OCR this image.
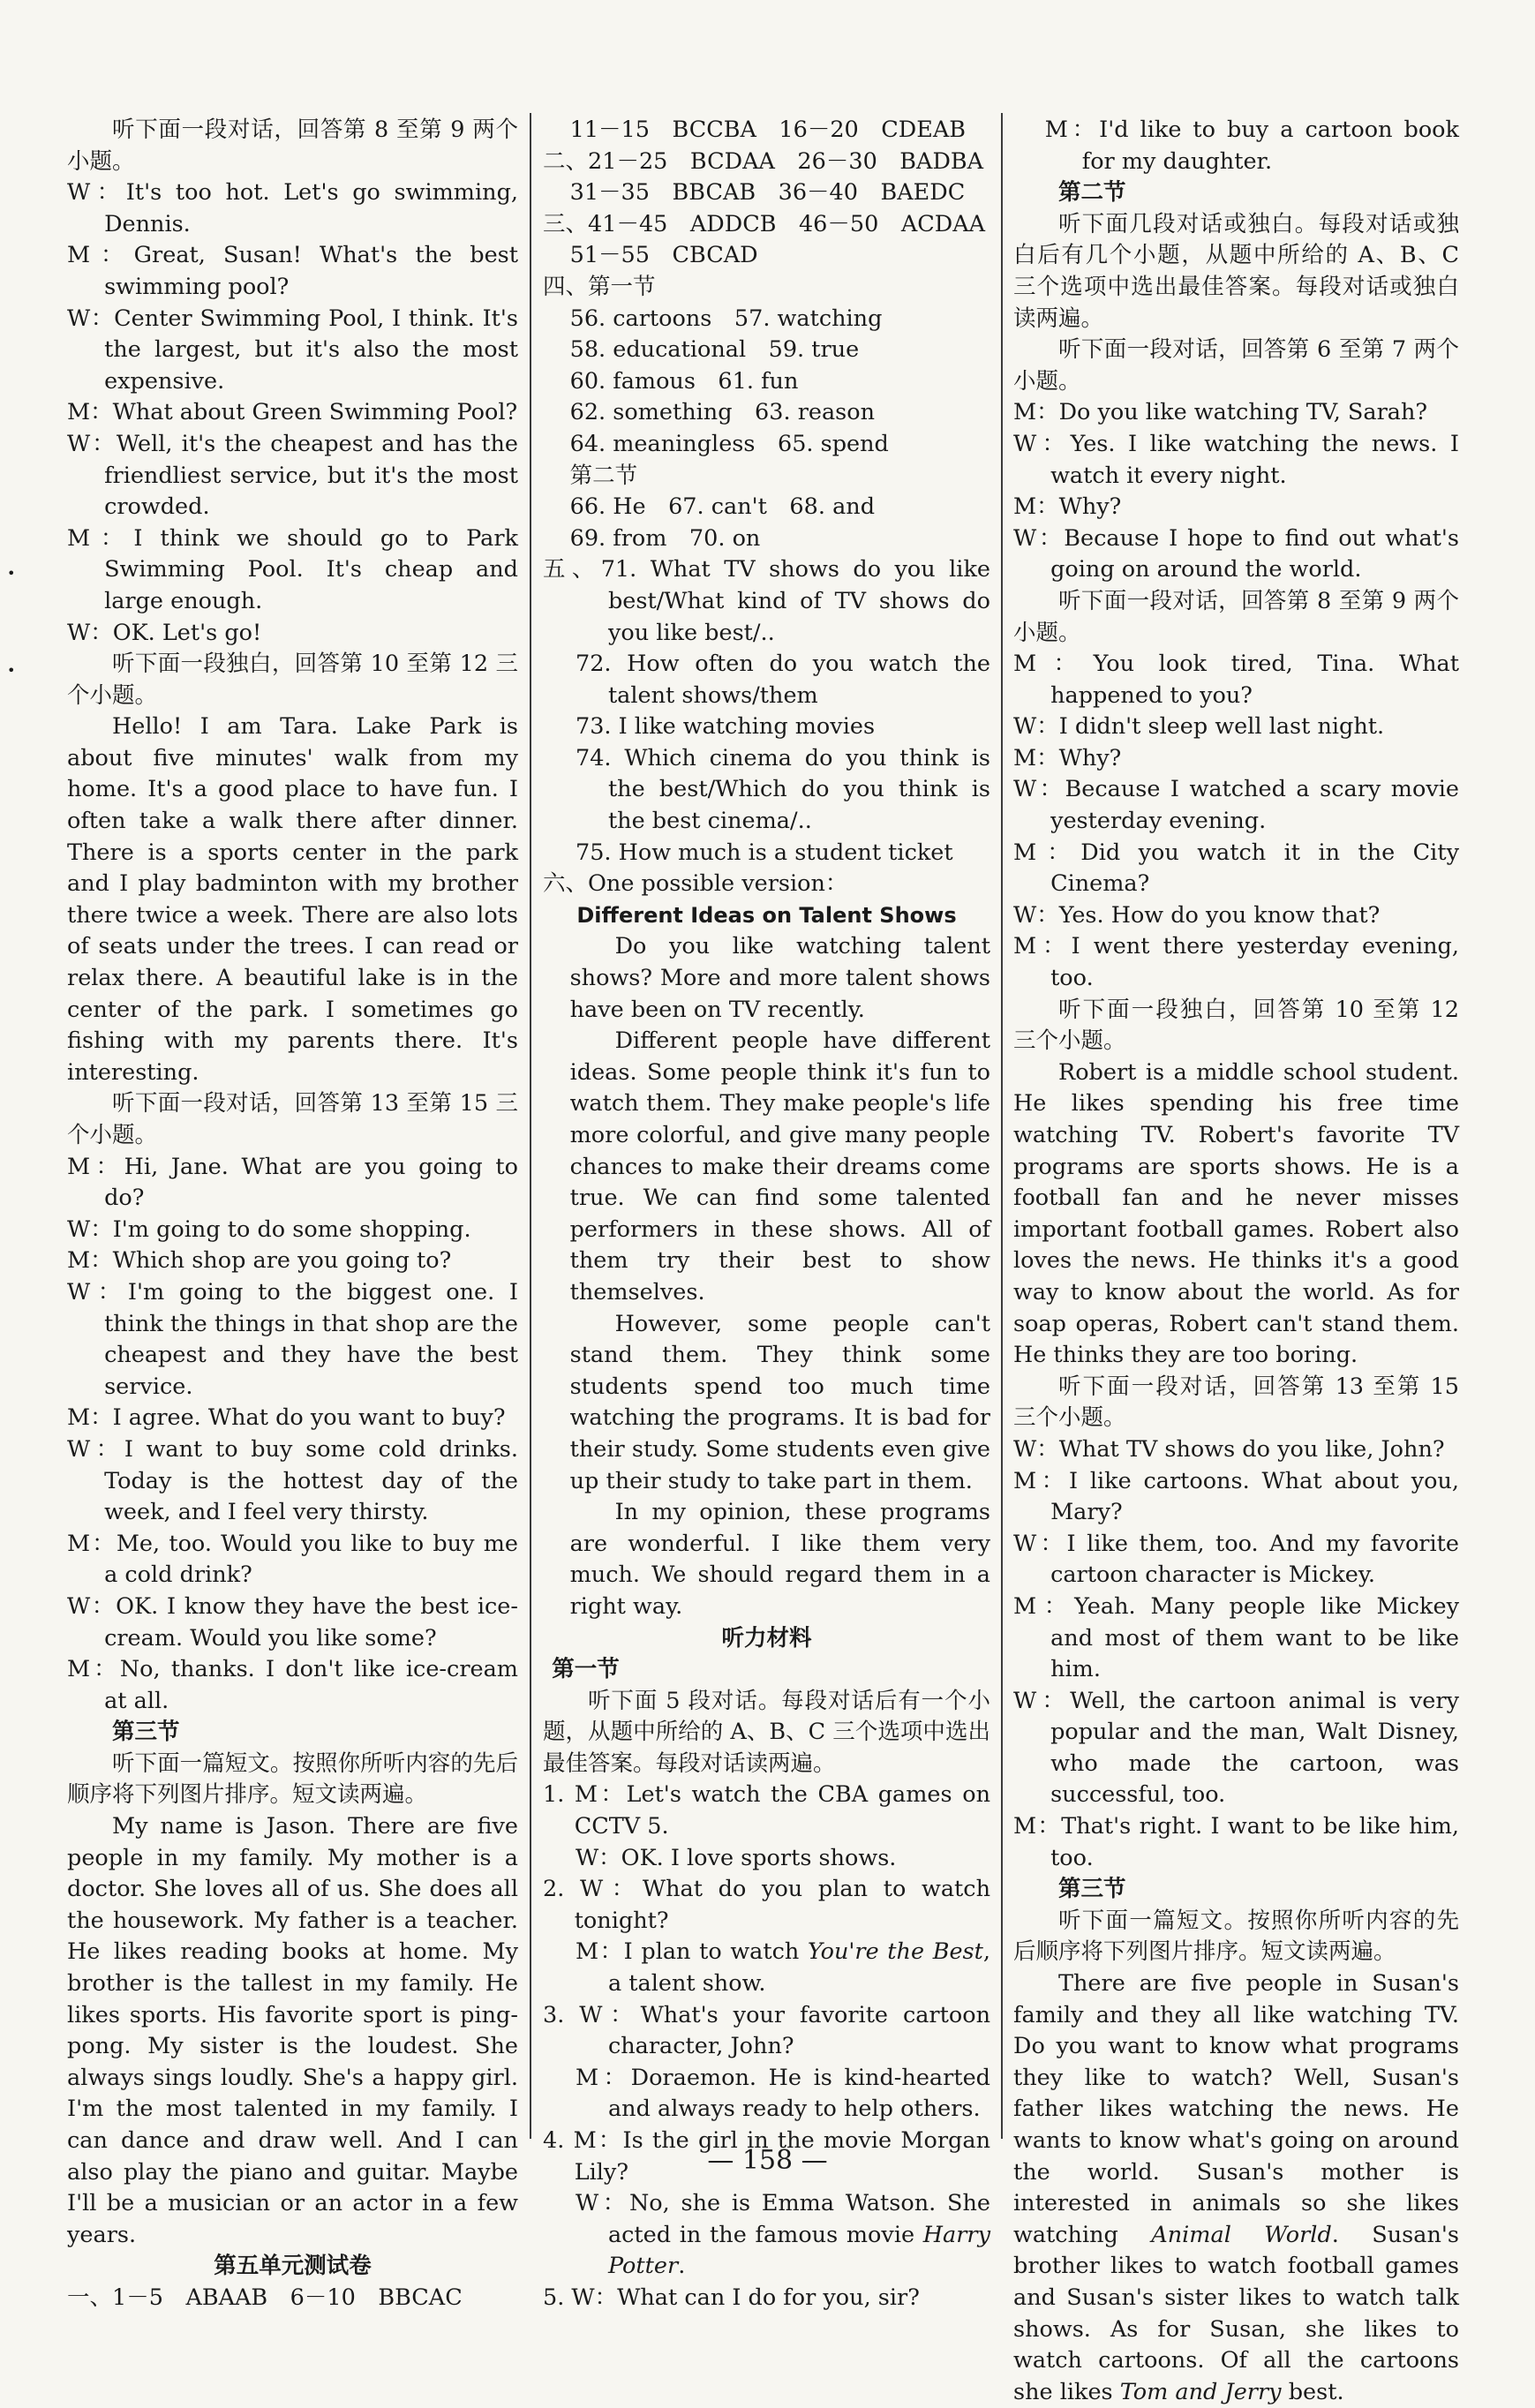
•
•

听下面一段对话，回答第 8 至第 9 两个小题。

W：It's too hot. Let's go swimming, Dennis.

M：Great, Susan! What's the best swimming pool?

W：Center Swimming Pool, I think. It's the largest, but it's also the most expensive.

M：What about Green Swimming Pool?

W：Well, it's the cheapest and has the friendliest service, but it's the most crowded.

M：I think we should go to Park Swimming Pool. It's cheap and large enough.

W：OK. Let's go!

听下面一段独白，回答第 10 至第 12 三个小题。

Hello! I am Tara. Lake Park is about five minutes' walk from my home. It's a good place to have fun. I often take a walk there after dinner. There is a sports center in the park and I play badminton with my brother there twice a week. There are also lots of seats under the trees. I can read or relax there. A beautiful lake is in the center of the park. I sometimes go fishing with my parents there. It's interesting.

听下面一段对话，回答第 13 至第 15 三个小题。

M：Hi, Jane. What are you going to do?

W：I'm going to do some shopping.

M：Which shop are you going to?

W：I'm going to the biggest one. I think the things in that shop are the cheapest and they have the best service.

M：I agree. What do you want to buy?

W：I want to buy some cold drinks. Today is the hottest day of the week, and I feel very thirsty.

M：Me, too. Would you like to buy me a cold drink?

W：OK. I know they have the best ice-cream. Would you like some?

M：No, thanks. I don't like ice-cream at all.

第三节

听下面一篇短文。按照你所听内容的先后顺序将下列图片排序。短文读两遍。

My name is Jason. There are five people in my family. My mother is a doctor. She loves all of us. She does all the housework. My father is a teacher. He likes reading books at home. My brother is the tallest in my family. He likes sports. His favorite sport is ping-pong. My sister is the loudest. She always sings loudly. She's a happy girl. I'm the most talented in my family. I can dance and draw well. And I can also play the piano and guitar. Maybe I'll be a musician or an actor in a few years.

第五单元测试卷

一、1－5　ABAAB　6－10　BBCAC

11－15　BCCBA　16－20　CDEAB

二、21－25　BCDAA　26－30　BADBA

31－35　BBCAB　36－40　BAEDC

三、41－45　ADDCB　46－50　ACDAA

51－55　CBCAD

四、第一节

56. cartoons　57. watching

58. educational　59. true

60. famous　61. fun

62. something　63. reason

64. meaningless　65. spend

第二节

66. He　67. can't　68. and

69. from　70. on

五、71. What TV shows do you like best/What kind of TV shows do you like best/..

72. How often do you watch the talent shows/them

73. I like watching movies

74. Which cinema do you think is the best/Which do you think is the best cinema/..

75. How much is a student ticket

六、One possible version：

Different Ideas on Talent Shows

Do you like watching talent shows? More and more talent shows have been on TV recently.

Different people have different ideas. Some people think it's fun to watch them. They make people's life more colorful, and give many people chances to make their dreams come true. We can find some talented performers in these shows. All of them try their best to show themselves.

However, some people can't stand them. They think some students spend too much time watching the programs. It is bad for their study. Some students even give up their study to take part in them.

In my opinion, these programs are wonderful. I like them very much. We should regard them in a right way.

听力材料

第一节

听下面 5 段对话。每段对话后有一个小题，从题中所给的 A、B、C 三个选项中选出最佳答案。每段对话读两遍。

1. M：Let's watch the CBA games on CCTV 5.

W：OK. I love sports shows.

2. W：What do you plan to watch tonight?

M：I plan to watch You're the Best, a talent show.

3. W：What's your favorite cartoon character, John?

M：Doraemon. He is kind-hearted and always ready to help others.

4. M：Is the girl in the movie Morgan Lily?

W：No, she is Emma Watson. She acted in the famous movie Harry Potter.

5. W：What can I do for you, sir?

M：I'd like to buy a cartoon book for my daughter.

第二节

听下面几段对话或独白。每段对话或独白后有几个小题，从题中所给的 A、B、C 三个选项中选出最佳答案。每段对话或独白读两遍。

听下面一段对话，回答第 6 至第 7 两个小题。

M：Do you like watching TV, Sarah?

W：Yes. I like watching the news. I watch it every night.

M：Why?

W：Because I hope to find out what's going on around the world.

听下面一段对话，回答第 8 至第 9 两个小题。

M：You look tired, Tina. What happened to you?

W：I didn't sleep well last night.

M：Why?

W：Because I watched a scary movie yesterday evening.

M：Did you watch it in the City Cinema?

W：Yes. How do you know that?

M：I went there yesterday evening, too.

听下面一段独白，回答第 10 至第 12 三个小题。

Robert is a middle school student. He likes spending his free time watching TV. Robert's favorite TV programs are sports shows. He is a football fan and he never misses important football games. Robert also loves the news. He thinks it's a good way to know about the world. As for soap operas, Robert can't stand them. He thinks they are too boring.

听下面一段对话，回答第 13 至第 15 三个小题。

W：What TV shows do you like, John?

M：I like cartoons. What about you, Mary?

W：I like them, too. And my favorite cartoon character is Mickey.

M：Yeah. Many people like Mickey and most of them want to be like him.

W：Well, the cartoon animal is very popular and the man, Walt Disney, who made the cartoon, was successful, too.

M：That's right. I want to be like him, too.

第三节

听下面一篇短文。按照你所听内容的先后顺序将下列图片排序。短文读两遍。

There are five people in Susan's family and they all like watching TV. Do you want to know what programs they like to watch? Well, Susan's father likes watching the news. He wants to know what's going on around the world. Susan's mother is interested in animals so she likes watching Animal World. Susan's brother likes to watch football games and Susan's sister likes to watch talk shows. As for Susan, she likes to watch cartoons. Of all the cartoons she likes Tom and Jerry best.

— 158 —
